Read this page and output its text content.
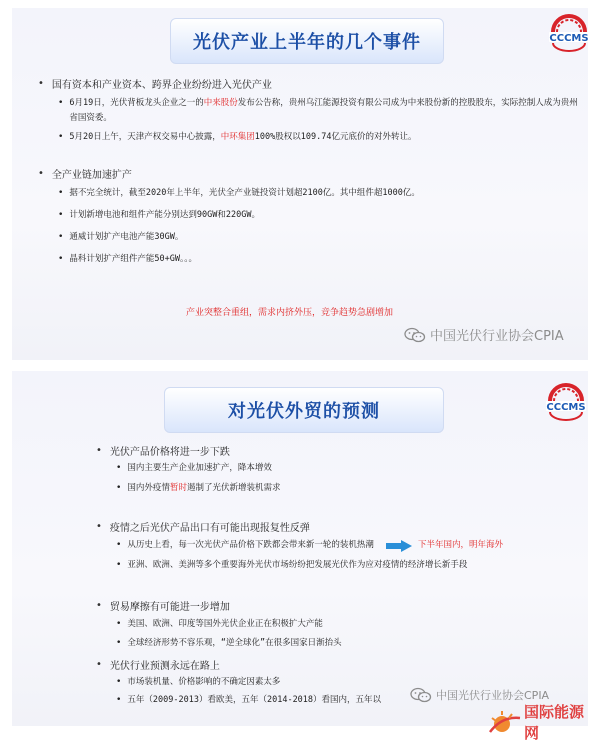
光伏产业上半年的几个事件	CCCMS
• 国有资本和产业资本、跨界企业纷纷进入光伏产业
• 6月19日，光伏背板龙头企业之一的中来股份发布公告称，贵州乌江能源投资有限公司成为中来股份新的控股股东，实际控制人成为贵州省国资委。
• 5月20日上午，天津产权交易中心披露，中环集团100%股权以109.74亿元底价的对外转让。
• 全产业链加速扩产
• 据不完全统计，截至2020年上半年，光伏全产业链投资计划超2100亿。其中组件超1000亿。
• 计划新增电池和组件产能分别达到90GW和220GW。
• 通威计划扩产电池产能30GW。
• 晶科计划扩产组件产能50+GW。。。
产业突整合重组，需求内挤外压，竞争趋势急剧增加
中国光伏行业协会CPIA
对光伏外贸的预测	CCCMS
• 光伏产品价格将进一步下跌
• 国内主要生产企业加速扩产，降本增效
• 国内外疫情暂时遏制了光伏新增装机需求
• 疫情之后光伏产品出口有可能出现报复性反弹
• 从历史上看，每一次光伏产品价格下跌都会带来新一轮的装机热潮	下半年国内，明年海外
• 亚洲、欧洲、美洲等多个重要海外光伏市场纷纷把发展光伏作为应对疫情的经济增长新手段
• 贸易摩擦有可能进一步增加
• 美国、欧洲、印度等国外光伏企业正在积极扩大产能
• 全球经济形势不容乐观，“逆全球化”在很多国家日渐抬头
• 光伏行业预测永远在路上
• 市场装机量、价格影响的不确定因素太多
• 五年（2009-2013）看欧美，五年（2014-2018）看国内，五年以	中国光伏行业协会CPIA
国际能源网
